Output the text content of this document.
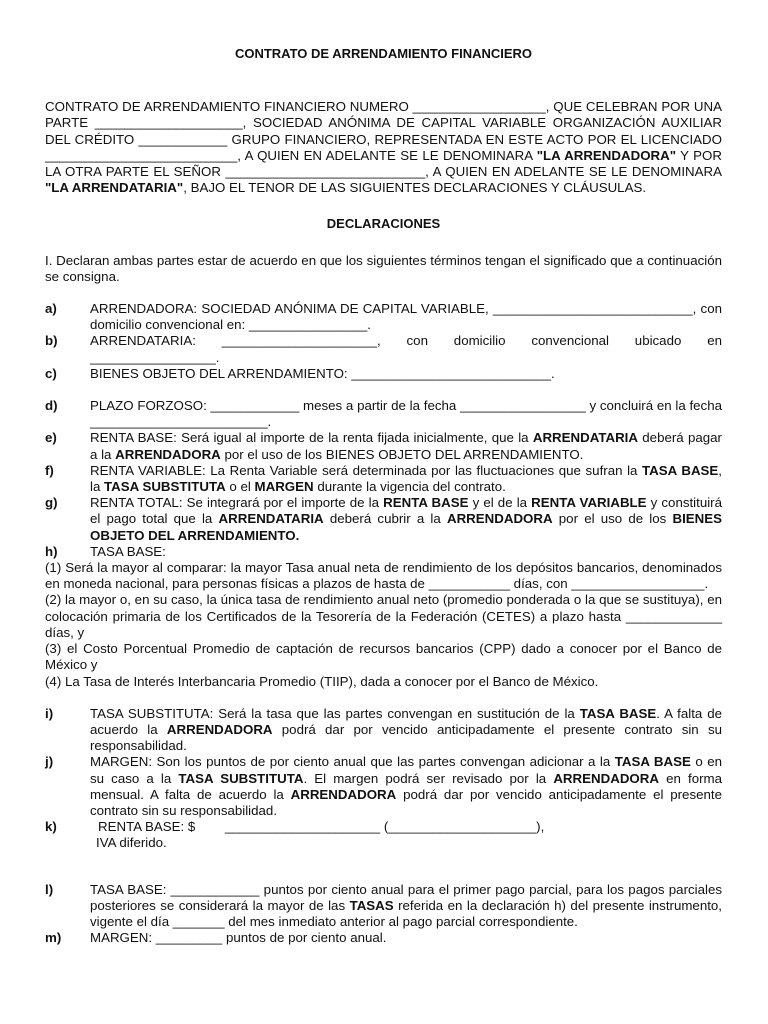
CONTRATO DE ARRENDAMIENTO FINANCIERO
CONTRATO DE ARRENDAMIENTO FINANCIERO NUMERO __________________, QUE CELEBRAN POR UNA PARTE ____________________, SOCIEDAD ANÓNIMA DE CAPITAL VARIABLE ORGANIZACIÓN AUXILIAR DEL CRÉDITO ____________ GRUPO FINANCIERO, REPRESENTADA EN ESTE ACTO POR EL LICENCIADO __________________________, A QUIEN EN ADELANTE SE LE DENOMINARA "LA ARRENDADORA" Y POR LA OTRA PARTE EL SEÑOR ___________________________, A QUIEN EN ADELANTE SE LE DENOMINARA "LA ARRENDATARIA", BAJO EL TENOR DE LAS SIGUIENTES DECLARACIONES Y CLÁUSULAS.
DECLARACIONES
I. Declaran ambas partes estar de acuerdo en que los siguientes términos tengan el significado que a continuación se consigna.
a)	ARRENDADORA: SOCIEDAD ANÓNIMA DE CAPITAL VARIABLE, ___________________________, con domicilio convencional en: ________________.
b)	ARRENDATARIA: _____________________, con domicilio convencional ubicado en _________________.
c)	BIENES OBJETO DEL ARRENDAMIENTO: ___________________________.
d)	PLAZO FORZOSO: ____________ meses a partir de la fecha _________________ y concluirá en la fecha ________________________.
e)	RENTA BASE: Será igual al importe de la renta fijada inicialmente, que la ARRENDATARIA deberá pagar a la ARRENDADORA por el uso de los BIENES OBJETO DEL ARRENDAMIENTO.
f)	RENTA VARIABLE: La Renta Variable será determinada por las fluctuaciones que sufran la TASA BASE, la TASA SUBSTITUTA o el MARGEN durante la vigencia del contrato.
g)	RENTA TOTAL: Se integrará por el importe de la RENTA BASE y el de la RENTA VARIABLE y constituirá el pago total que la ARRENDATARIA deberá cubrir a la ARRENDADORA por el uso de los BIENES OBJETO DEL ARRENDAMIENTO.
h)	TASA BASE:
(1) Será la mayor al comparar: la mayor Tasa anual neta de rendimiento de los depósitos bancarios, denominados en moneda nacional, para personas físicas a plazos de hasta de ___________ días, con __________________.
(2) la mayor o, en su caso, la única tasa de rendimiento anual neto (promedio ponderada o la que se sustituya), en colocación primaria de los Certificados de la Tesorería de la Federación (CETES) a plazo hasta _____________ días, y
(3) el Costo Porcentual Promedio de captación de recursos bancarios (CPP) dado a conocer por el Banco de México y
(4) La Tasa de Interés Interbancaria Promedio (TIIP), dada a conocer por el Banco de México.
i)	TASA SUBSTITUTA: Será la tasa que las partes convengan en sustitución de la TASA BASE. A falta de acuerdo la ARRENDADORA podrá dar por vencido anticipadamente el presente contrato sin su responsabilidad.
j)	MARGEN: Son los puntos de por ciento anual que las partes convengan adicionar a la TASA BASE o en su caso a la TASA SUBSTITUTA. El margen podrá ser revisado por la ARRENDADORA en forma mensual. A falta de acuerdo la ARRENDADORA podrá dar por vencido anticipadamente el presente contrato sin su responsabilidad.
k)	RENTA BASE: $        _____________________ (____________________),
IVA diferido.
l)	TASA BASE: ____________ puntos por ciento anual para el primer pago parcial, para los pagos parciales posteriores se considerará la mayor de las TASAS referida en la declaración h) del presente instrumento, vigente el día _______ del mes inmediato anterior al pago parcial correspondiente.
m)	MARGEN: _________ puntos de por ciento anual.
